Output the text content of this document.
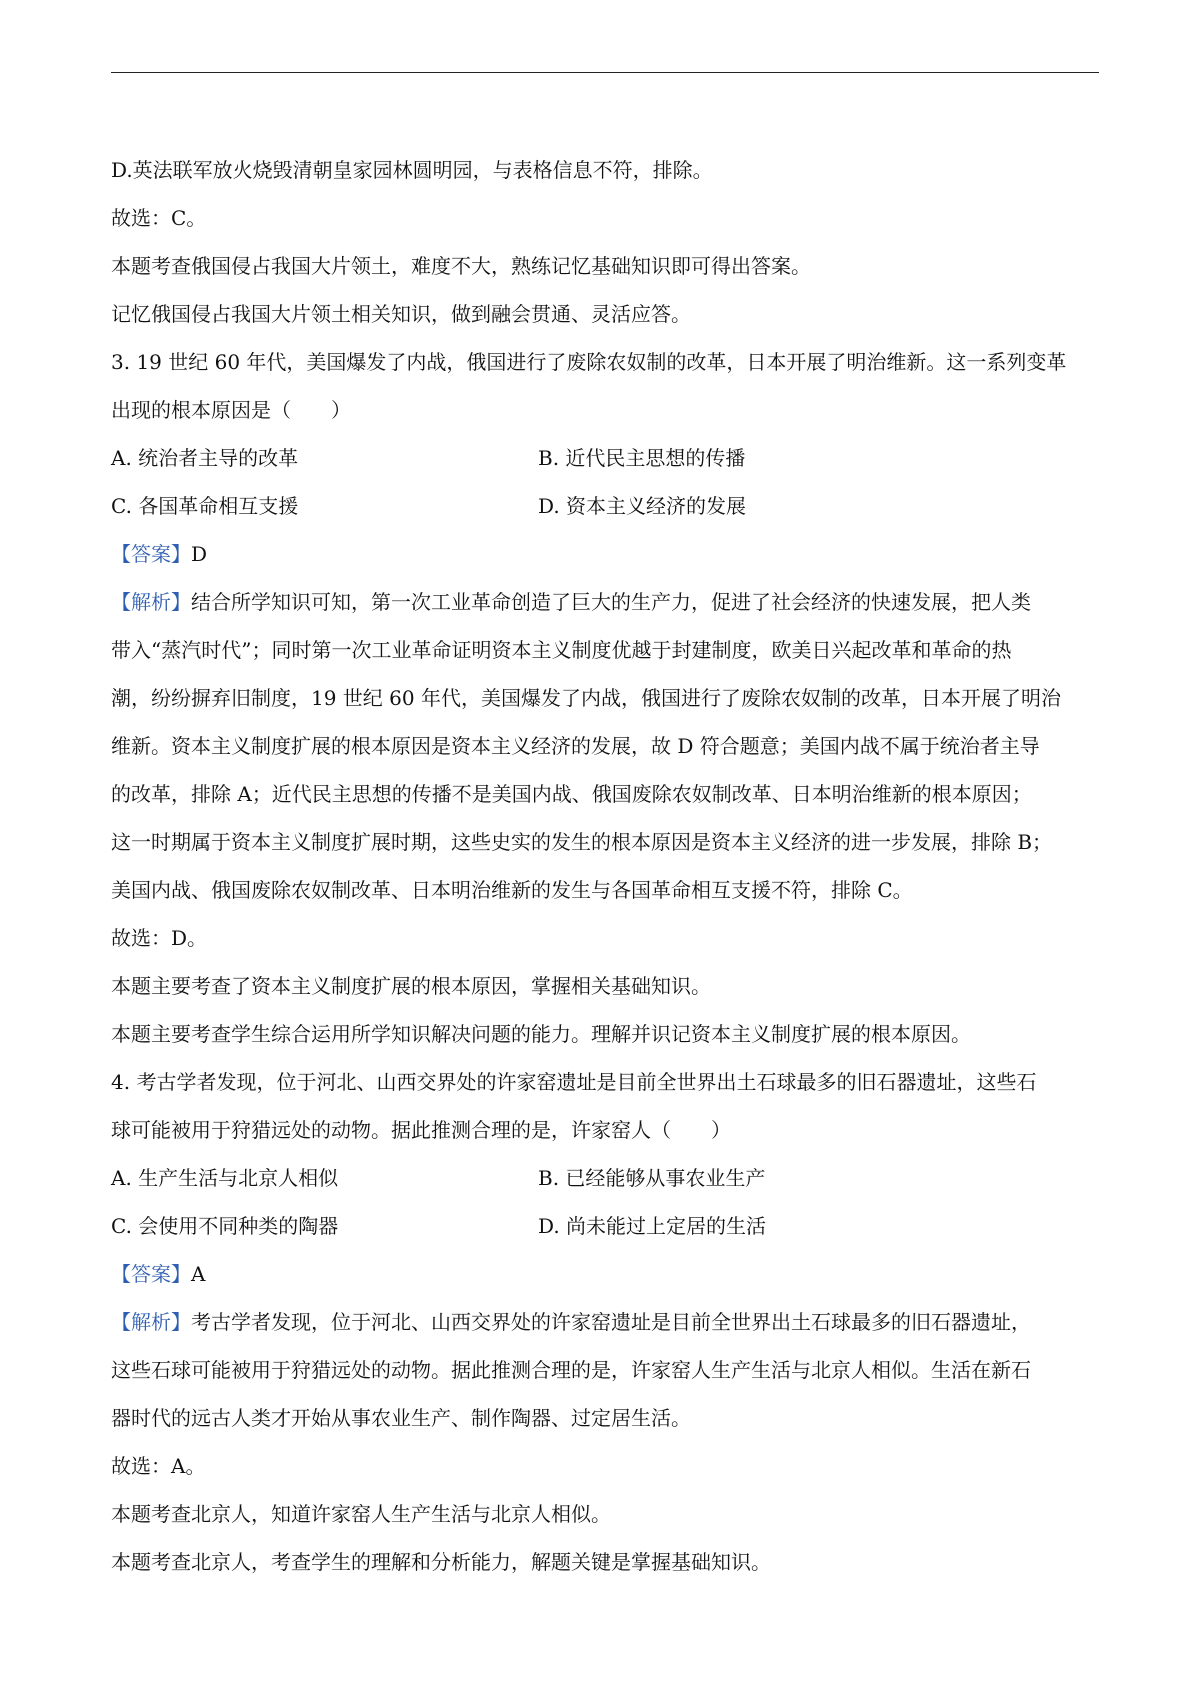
D.英法联军放火烧毁清朝皇家园林圆明园，与表格信息不符，排除。
故选：C。
本题考查俄国侵占我国大片领土，难度不大，熟练记忆基础知识即可得出答案。
记忆俄国侵占我国大片领土相关知识，做到融会贯通、灵活应答。
3. 19 世纪 60 年代，美国爆发了内战，俄国进行了废除农奴制的改革，日本开展了明治维新。这一系列变革
出现的根本原因是（　　）
A. 统治者主导的改革	B. 近代民主思想的传播
C. 各国革命相互支援	D. 资本主义经济的发展
【答案】D
【解析】结合所学知识可知，第一次工业革命创造了巨大的生产力，促进了社会经济的快速发展，把人类
带入“蒸汽时代”；同时第一次工业革命证明资本主义制度优越于封建制度，欧美日兴起改革和革命的热
潮，纷纷摒弃旧制度，19 世纪 60 年代，美国爆发了内战，俄国进行了废除农奴制的改革，日本开展了明治
维新。资本主义制度扩展的根本原因是资本主义经济的发展，故 D 符合题意；美国内战不属于统治者主导
的改革，排除 A；近代民主思想的传播不是美国内战、俄国废除农奴制改革、日本明治维新的根本原因；
这一时期属于资本主义制度扩展时期，这些史实的发生的根本原因是资本主义经济的进一步发展，排除 B；
美国内战、俄国废除农奴制改革、日本明治维新的发生与各国革命相互支援不符，排除 C。
故选：D。
本题主要考查了资本主义制度扩展的根本原因，掌握相关基础知识。
本题主要考查学生综合运用所学知识解决问题的能力。理解并识记资本主义制度扩展的根本原因。
4. 考古学者发现，位于河北、山西交界处的许家窑遗址是目前全世界出土石球最多的旧石器遗址，这些石
球可能被用于狩猎远处的动物。据此推测合理的是，许家窑人（　　）
A. 生产生活与北京人相似	B. 已经能够从事农业生产
C. 会使用不同种类的陶器	D. 尚未能过上定居的生活
【答案】A
【解析】考古学者发现，位于河北、山西交界处的许家窑遗址是目前全世界出土石球最多的旧石器遗址，
这些石球可能被用于狩猎远处的动物。据此推测合理的是，许家窑人生产生活与北京人相似。生活在新石
器时代的远古人类才开始从事农业生产、制作陶器、过定居生活。
故选：A。
本题考查北京人，知道许家窑人生产生活与北京人相似。
本题考查北京人，考查学生的理解和分析能力，解题关键是掌握基础知识。
